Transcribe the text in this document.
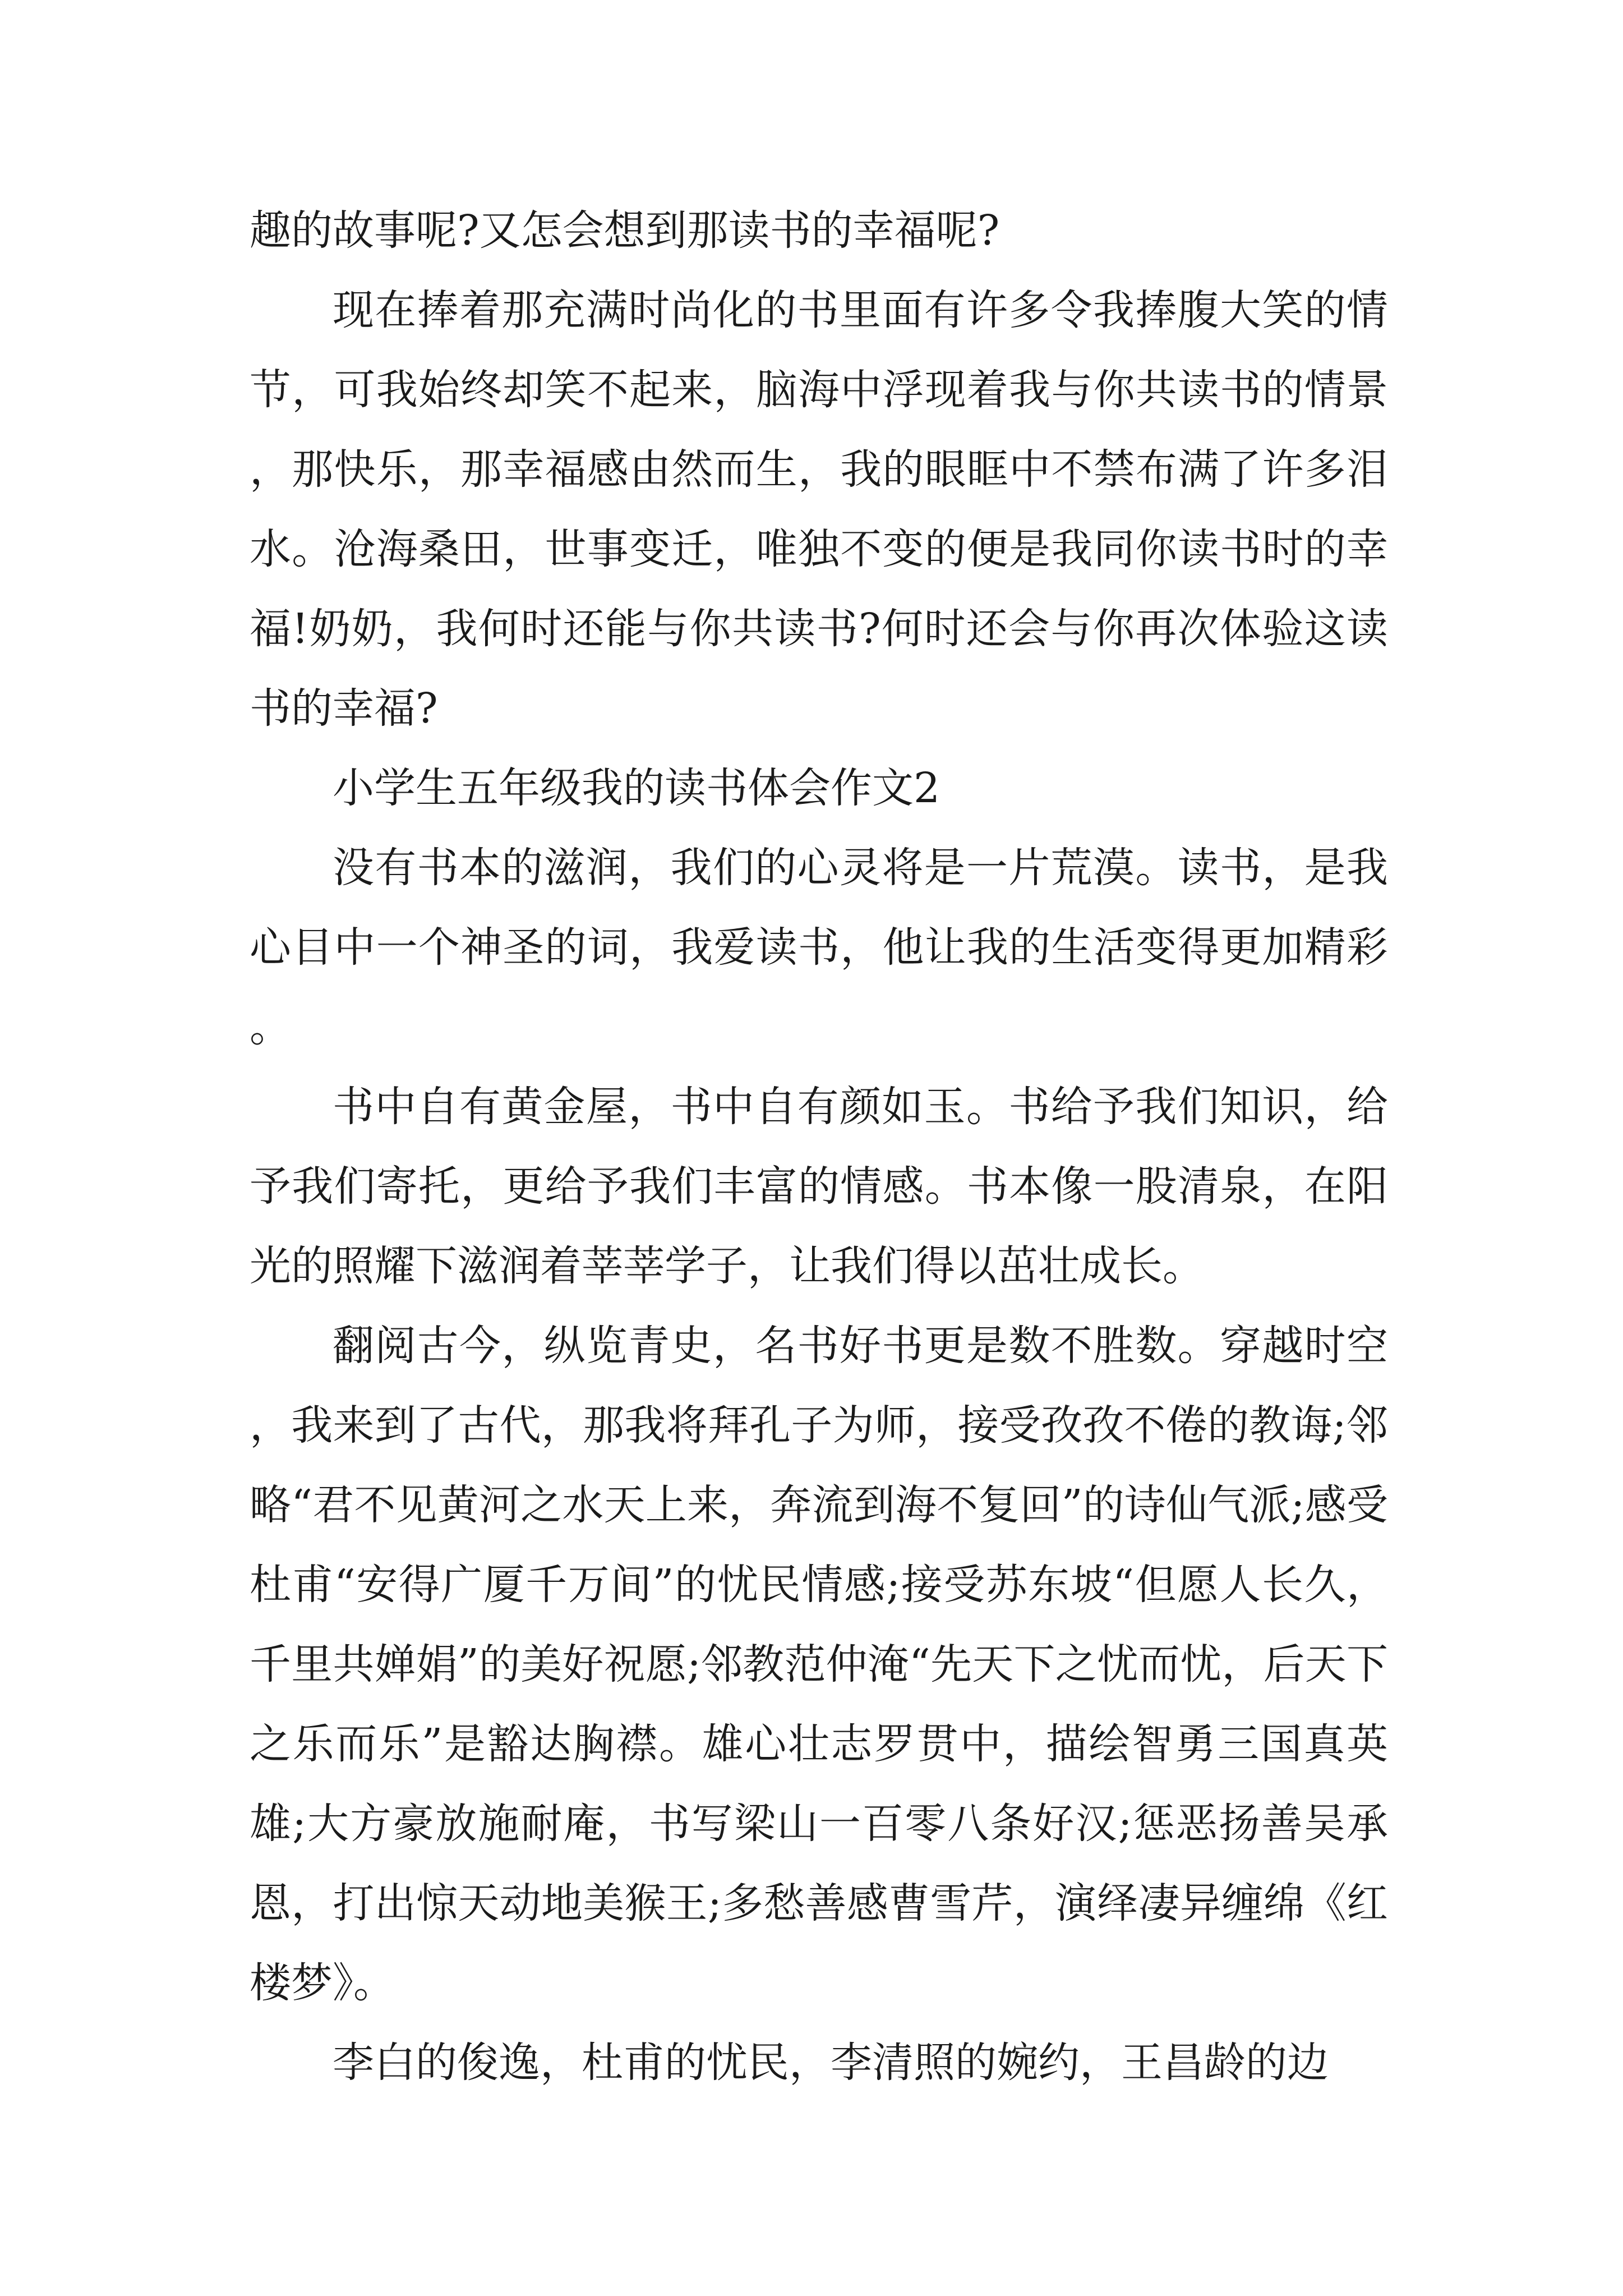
趣的故事呢?又怎会想到那读书的幸福呢?

现在捧着那充满时尚化的书里面有许多令我捧腹大笑的情节，可我始终却笑不起来，脑海中浮现着我与你共读书的情景，那快乐，那幸福感由然而生，我的眼眶中不禁布满了许多泪水。沧海桑田，世事变迁，唯独不变的便是我同你读书时的幸福!奶奶，我何时还能与你共读书?何时还会与你再次体验这读书的幸福?

小学生五年级我的读书体会作文2

没有书本的滋润，我们的心灵将是一片荒漠。读书，是我心目中一个神圣的词，我爱读书，他让我的生活变得更加精彩。

书中自有黄金屋，书中自有颜如玉。书给予我们知识，给予我们寄托，更给予我们丰富的情感。书本像一股清泉，在阳光的照耀下滋润着莘莘学子，让我们得以茁壮成长。

翻阅古今，纵览青史，名书好书更是数不胜数。穿越时空，我来到了古代，那我将拜孔子为师，接受孜孜不倦的教诲;邻略“君不见黄河之水天上来，奔流到海不复回”的诗仙气派;感受杜甫“安得广厦千万间”的忧民情感;接受苏东坡“但愿人长久，千里共婵娟”的美好祝愿;邻教范仲淹“先天下之忧而忧，后天下之乐而乐”是豁达胸襟。雄心壮志罗贯中，描绘智勇三国真英雄;大方豪放施耐庵，书写梁山一百零八条好汉;惩恶扬善吴承恩，打出惊天动地美猴王;多愁善感曹雪芹，演绎凄异缠绵《红楼梦》。

李白的俊逸，杜甫的忧民，李清照的婉约，王昌龄的边
